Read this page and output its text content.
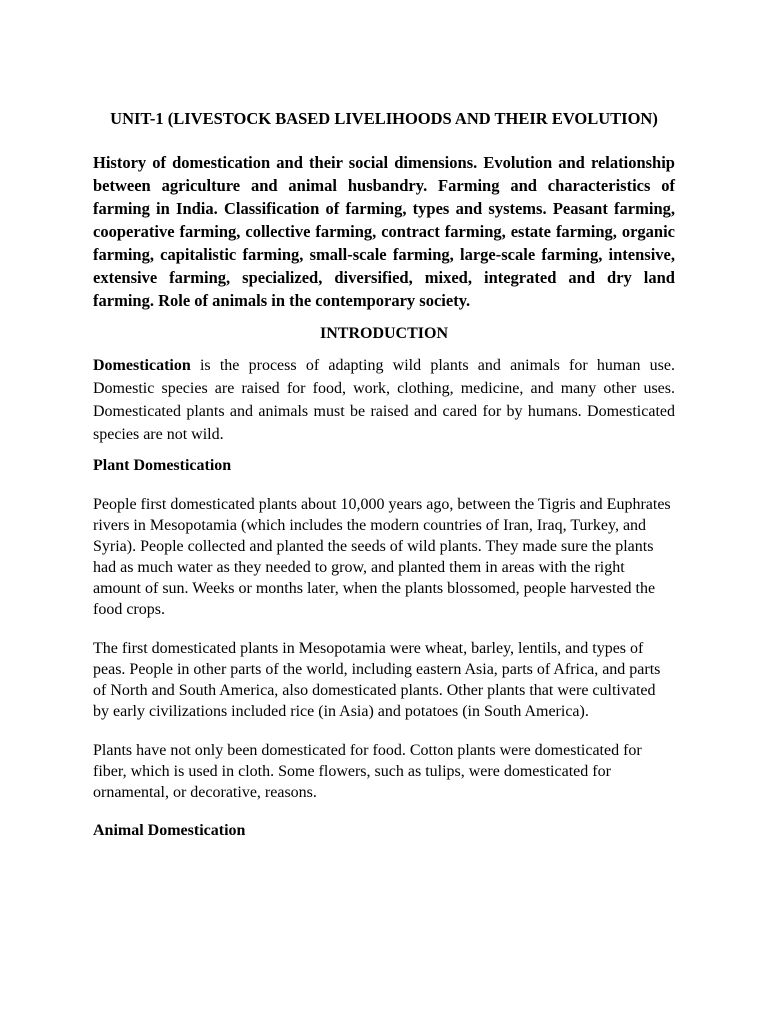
UNIT-1 (LIVESTOCK BASED LIVELIHOODS AND THEIR EVOLUTION)

History of domestication and their social dimensions. Evolution and relationship between agriculture and animal husbandry. Farming and characteristics of farming in India. Classification of farming, types and systems. Peasant farming, cooperative farming, collective farming, contract farming, estate farming, organic farming, capitalistic farming, small-scale farming, large-scale farming, intensive, extensive farming, specialized, diversified, mixed, integrated and dry land farming. Role of animals in the contemporary society.

INTRODUCTION

Domestication is the process of adapting wild plants and animals for human use. Domestic species are raised for food, work, clothing, medicine, and many other uses. Domesticated plants and animals must be raised and cared for by humans. Domesticated species are not wild.

Plant Domestication

People first domesticated plants about 10,000 years ago, between the Tigris and Euphrates rivers in Mesopotamia (which includes the modern countries of Iran, Iraq, Turkey, and Syria). People collected and planted the seeds of wild plants. They made sure the plants had as much water as they needed to grow, and planted them in areas with the right amount of sun. Weeks or months later, when the plants blossomed, people harvested the food crops.

The first domesticated plants in Mesopotamia were wheat, barley, lentils, and types of peas. People in other parts of the world, including eastern Asia, parts of Africa, and parts of North and South America, also domesticated plants. Other plants that were cultivated by early civilizations included rice (in Asia) and potatoes (in South America).

Plants have not only been domesticated for food. Cotton plants were domesticated for fiber, which is used in cloth. Some flowers, such as tulips, were domesticated for ornamental, or decorative, reasons.

Animal Domestication
